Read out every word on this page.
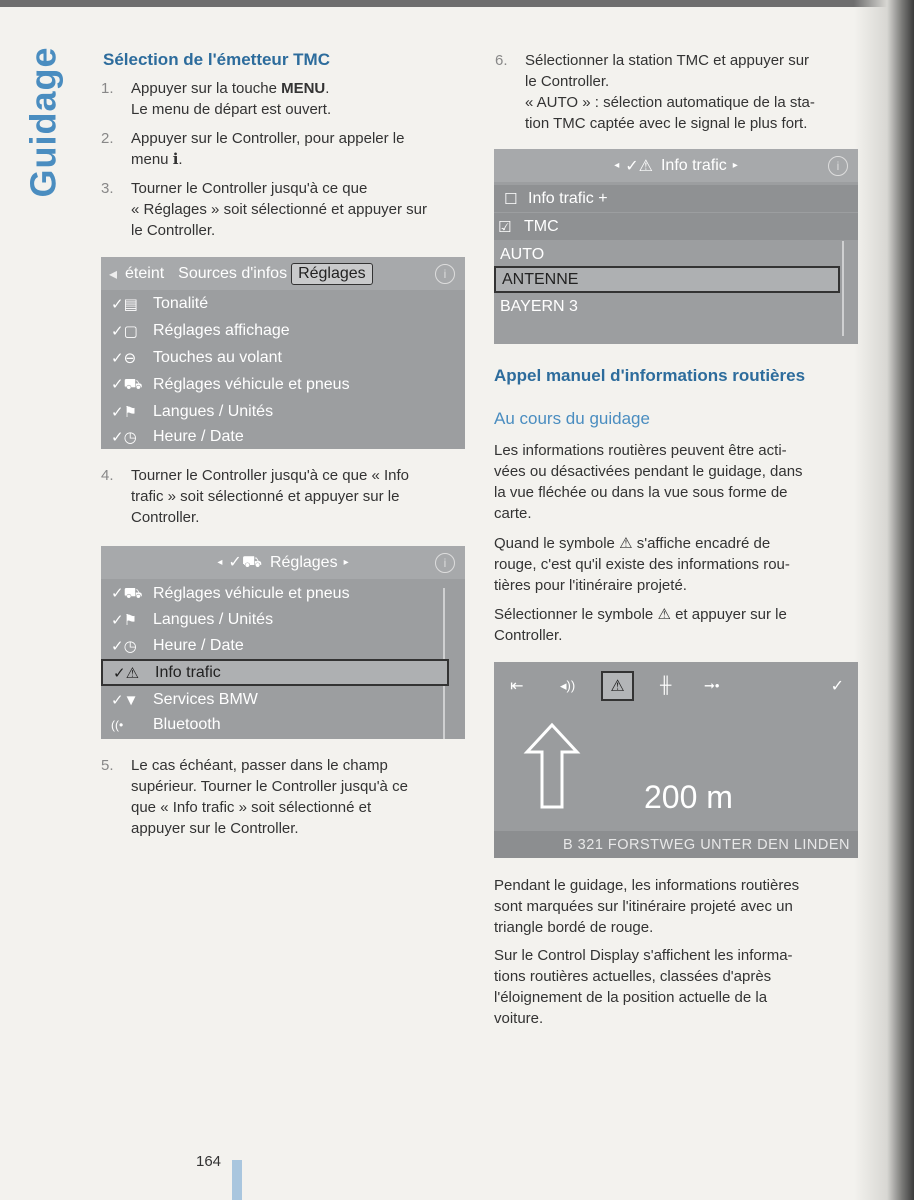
Guidage Sélection de l'émetteur TMC
1. Appuyer sur la touche MENU.
Le menu de départ est ouvert.
2. Appuyer sur le Controller, pour appeler le
menu i.
3. Tourner le Controller jusqu'à ce que
« Réglages » soit sélectionné et appuyer sur
le Controller.
◂ éteint Sources d'infos Réglages	i
✓▤ Tonalité
✓▢ Réglages affichage
✓⊖	Touches au volant
✓⛟ Réglages véhicule et pneus
✓⚑ Langues / Unités
✓◷	Heure / Date
4. Tourner le Controller jusqu'à ce que « Info
trafic » soit sélectionné et appuyer sur le
Controller.
◂ ✓⛟ Réglages ▸	i
✓⛟ Réglages véhicule et pneus
✓⚑ Langues / Unités
✓◷	Heure / Date
✓⚠ Info trafic
✓▼ Services BMW
((•	Bluetooth
5. Le cas échéant, passer dans le champ
supérieur. Tourner le Controller jusqu'à ce
que « Info trafic » soit sélectionné et
appuyer sur le Controller.
6. Sélectionner la station TMC et appuyer sur
le Controller.
« AUTO » : sélection automatique de la sta-
tion TMC captée avec le signal le plus fort.
◂ ✓⚠ Info trafic ▸	i
☐ Info trafic +
☑ TMC
AUTO
ANTENNE
BAYERN 3
Appel manuel d'informations routières
Au cours du guidage
Les informations routières peuvent être acti-
vées ou désactivées pendant le guidage, dans
la vue fléchée ou dans la vue sous forme de
carte.
Quand le symbole ⚠ s'affiche encadré de
rouge, c'est qu'il existe des informations rou-
tières pour l'itinéraire projeté.
Sélectionner le symbole ⚠ et appuyer sur le
Controller.
⇤	◂))	⚠	╫	➞•	✓
200 m
B 321 FORSTWEG UNTER DEN LINDEN
Pendant le guidage, les informations routières
sont marquées sur l'itinéraire projeté avec un
triangle bordé de rouge.
Sur le Control Display s'affichent les informa-
tions routières actuelles, classées d'après
l'éloignement de la position actuelle de la
voiture.
164
